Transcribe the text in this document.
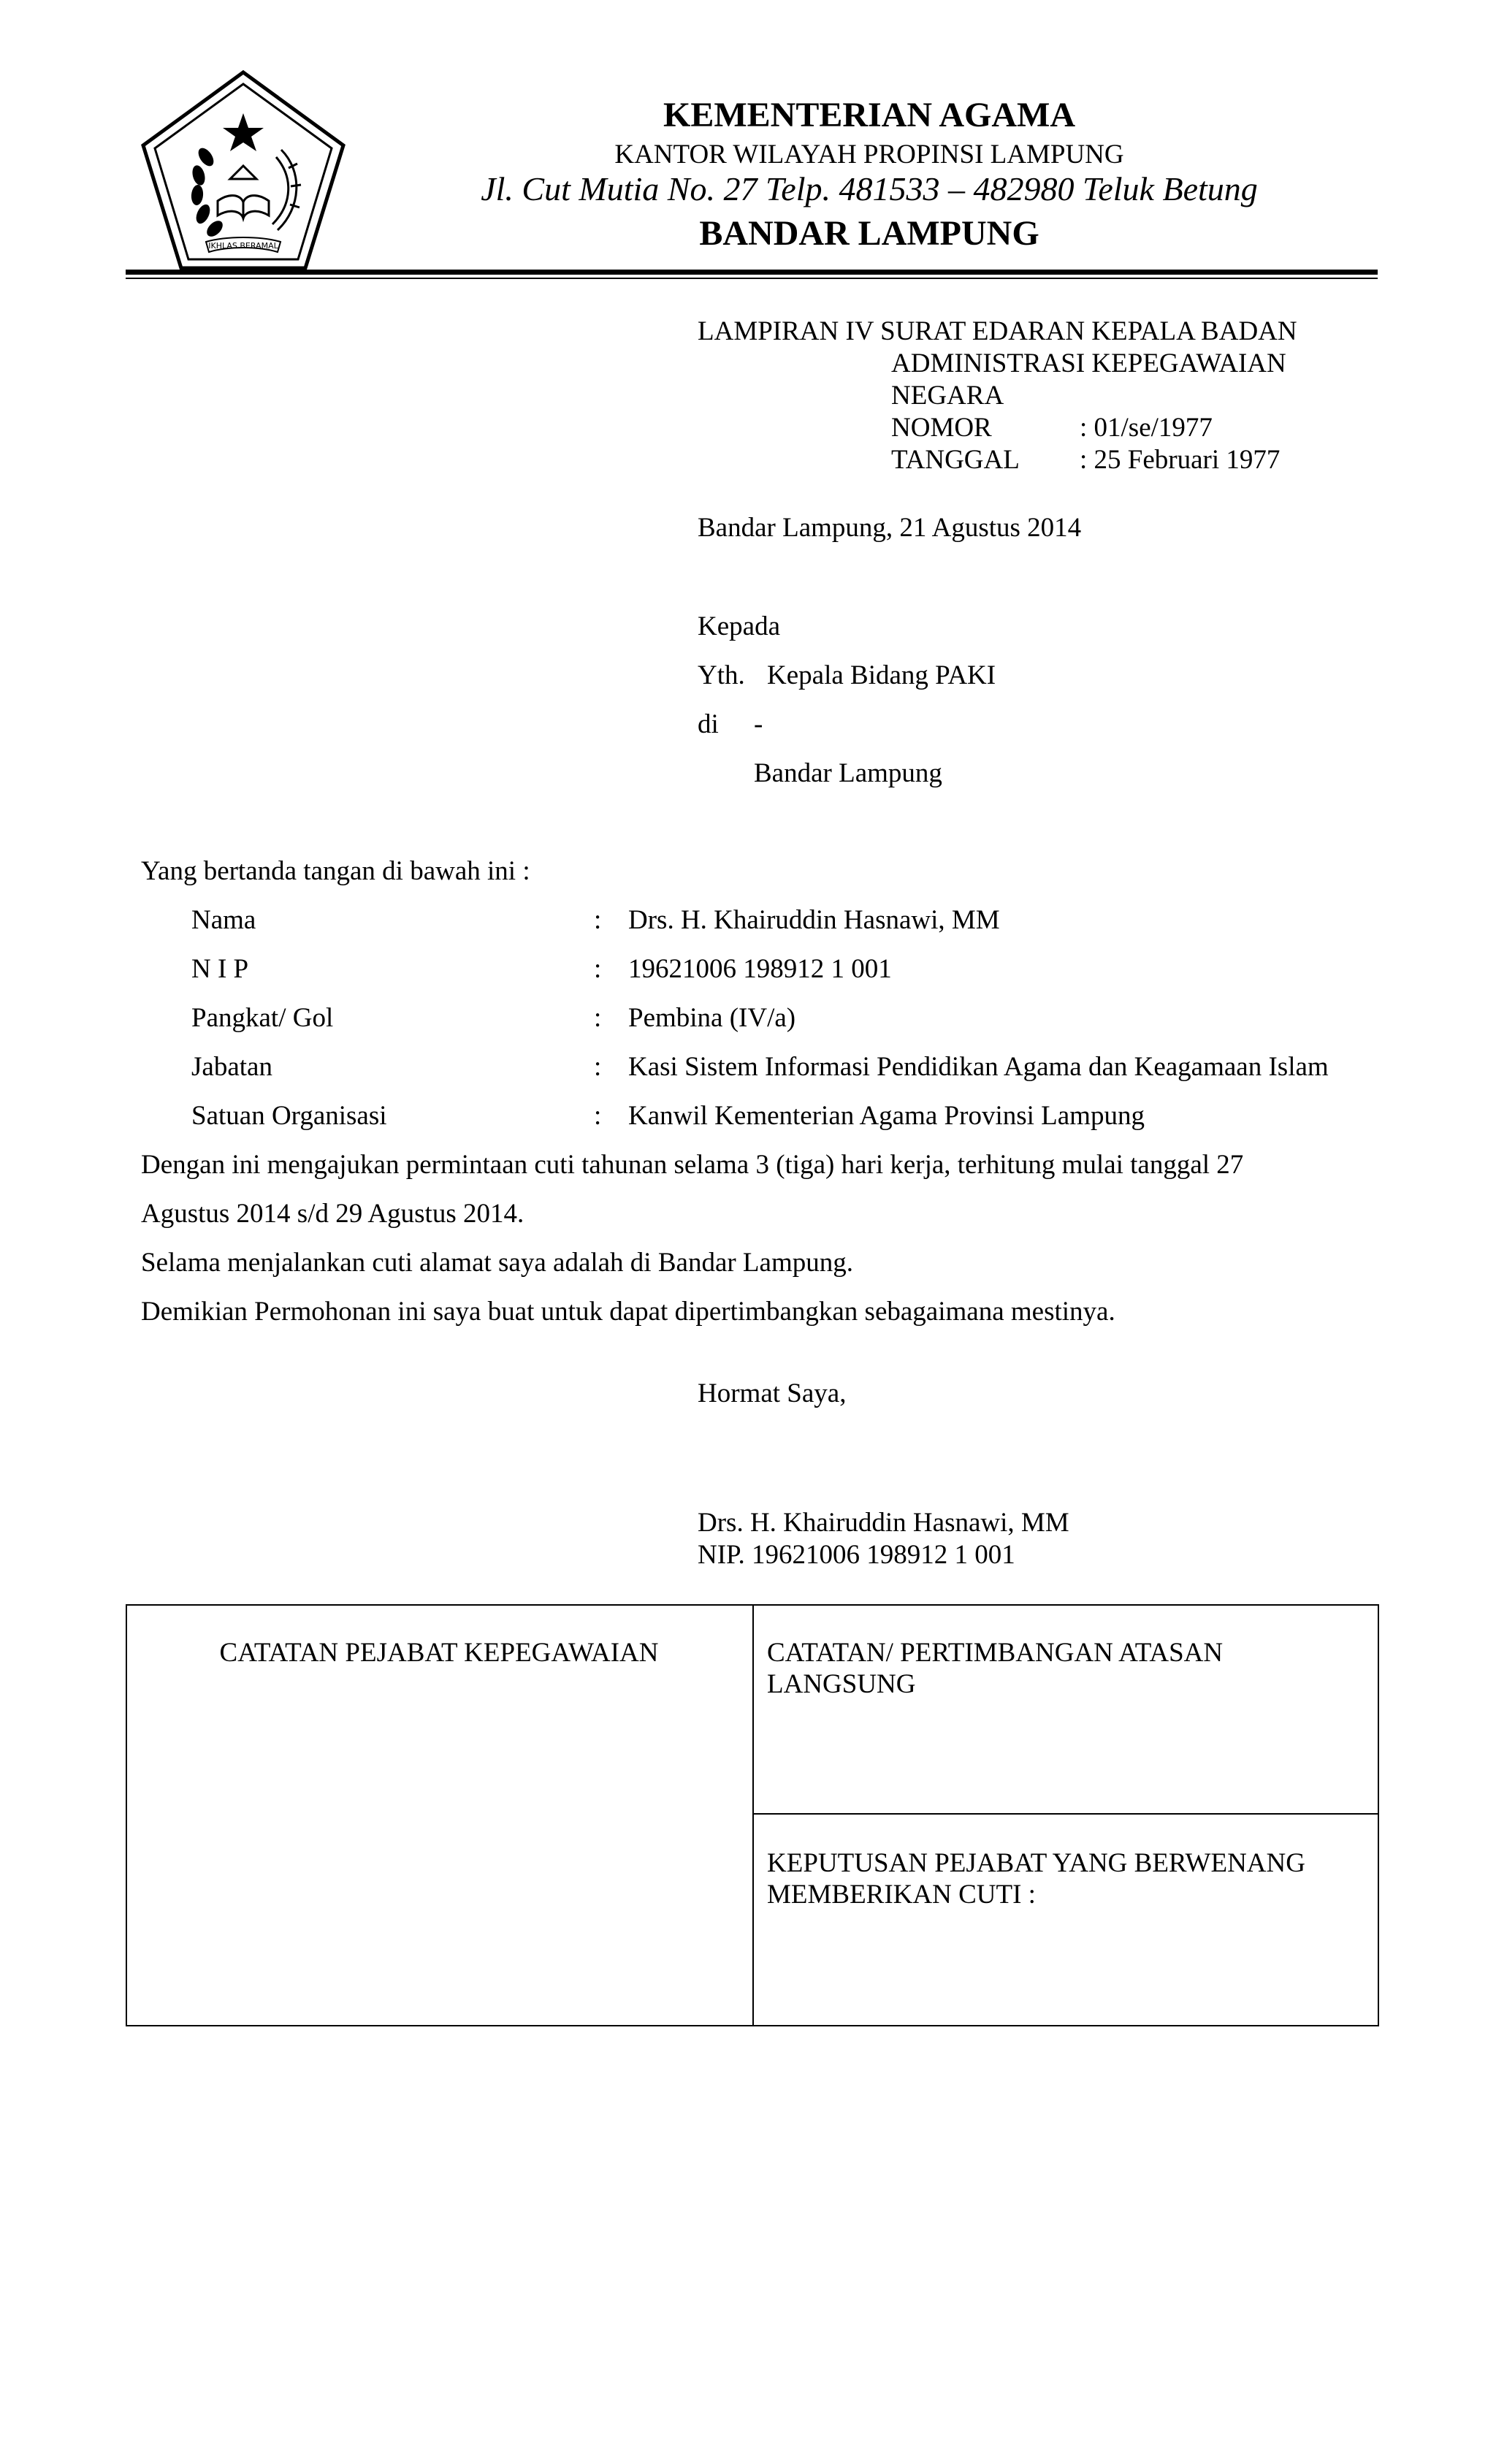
IKHLAS BERAMAL
KEMENTERIAN AGAMA
KANTOR WILAYAH PROPINSI LAMPUNG
Jl. Cut Mutia No. 27 Telp. 481533 – 482980 Teluk Betung
BANDAR LAMPUNG
LAMPIRAN IV SURAT EDARAN KEPALA BADAN
ADMINISTRASI KEPEGAWAIAN
NEGARA
NOMOR	: 01/se/1977
TANGGAL : 25 Februari 1977
Bandar Lampung, 21 Agustus 2014
Kepada
Yth. Kepala Bidang PAKI
di -
Bandar Lampung
Yang bertanda tangan di bawah ini :
Nama	: Drs. H. Khairuddin Hasnawi, MM
N I P	: 19621006 198912 1 001
Pangkat/ Gol	: Pembina (IV/a)
Jabatan	: Kasi Sistem Informasi Pendidikan Agama dan Keagamaan Islam
Satuan Organisasi	: Kanwil Kementerian Agama Provinsi Lampung
Dengan ini mengajukan permintaan cuti tahunan selama 3 (tiga) hari kerja, terhitung mulai tanggal 27
Agustus 2014 s/d 29 Agustus 2014.
Selama menjalankan cuti alamat saya adalah di Bandar Lampung.
Demikian Permohonan ini saya buat untuk dapat dipertimbangkan sebagaimana mestinya.
Hormat Saya,
Drs. H. Khairuddin Hasnawi, MM
NIP. 19621006 198912 1 001
CATATAN PEJABAT KEPEGAWAIAN	CATATAN/ PERTIMBANGAN ATASAN LANGSUNG
KEPUTUSAN PEJABAT YANG BERWENANG MEMBERIKAN CUTI :
